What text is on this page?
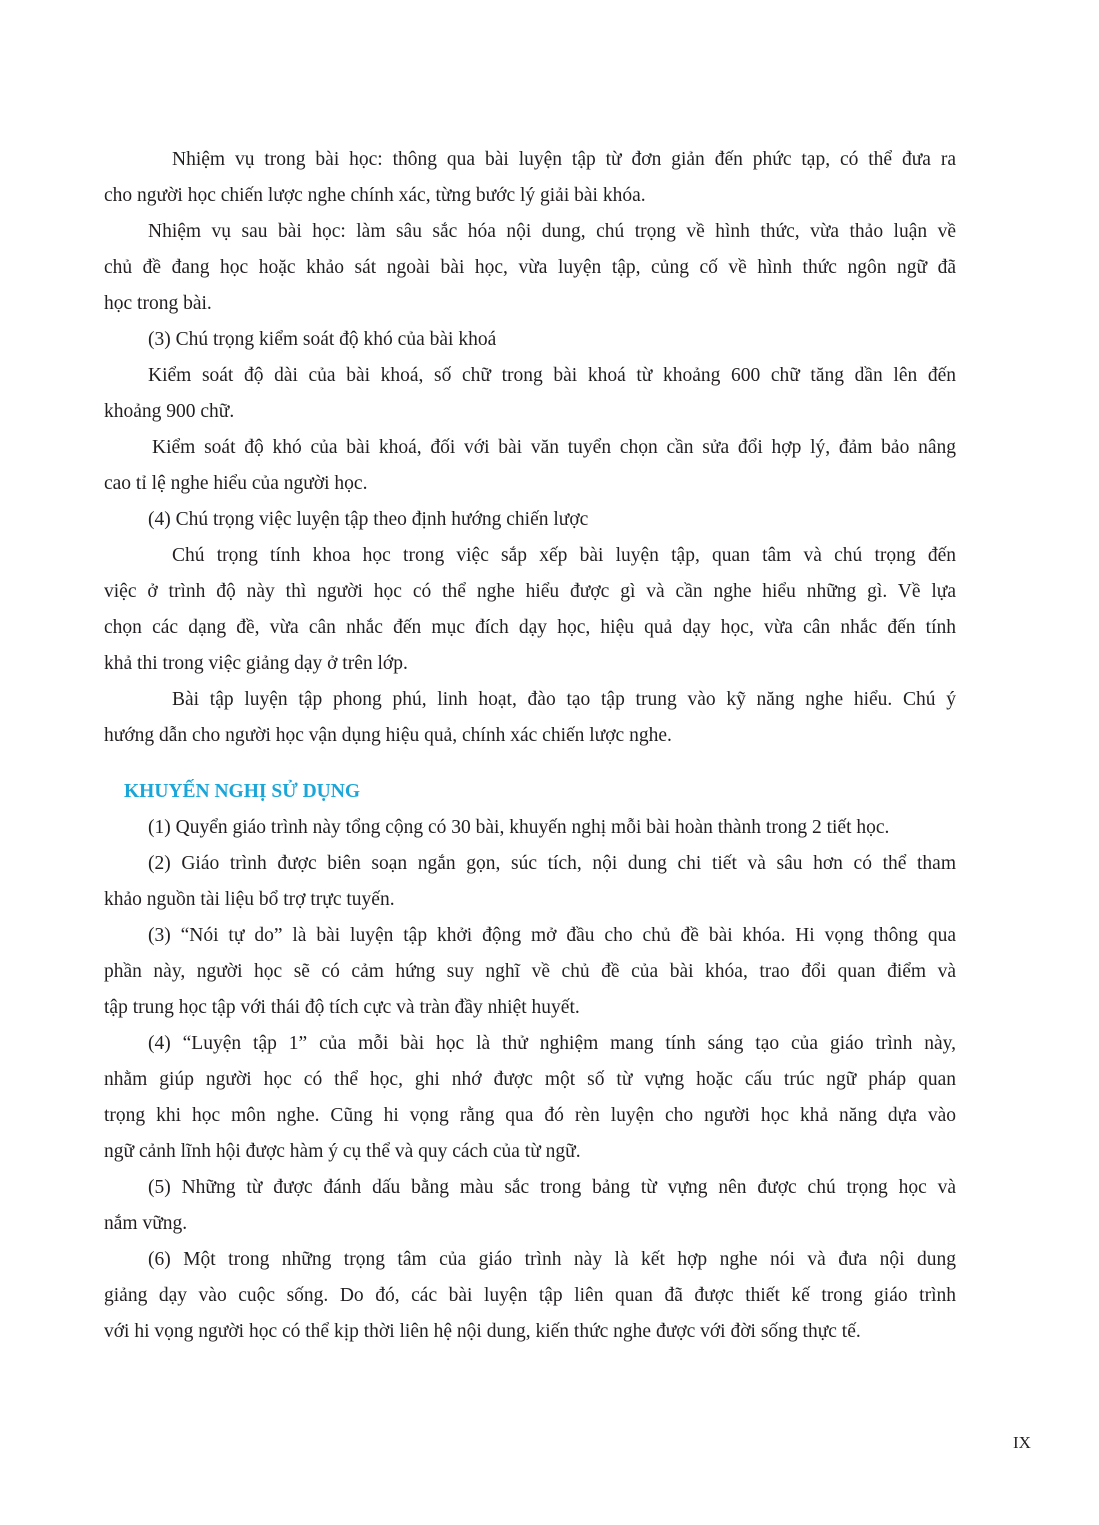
Nhiệm vụ trong bài học: thông qua bài luyện tập từ đơn giản đến phức tạp, có thể đưa ra
cho người học chiến lược nghe chính xác, từng bước lý giải bài khóa.
Nhiệm vụ sau bài học: làm sâu sắc hóa nội dung, chú trọng về hình thức, vừa thảo luận về
chủ đề đang học hoặc khảo sát ngoài bài học, vừa luyện tập, củng cố về hình thức ngôn ngữ đã
học trong bài.
(3) Chú trọng kiểm soát độ khó của bài khoá
Kiểm soát độ dài của bài khoá, số chữ trong bài khoá từ khoảng 600 chữ tăng dần lên đến
khoảng 900 chữ.
Kiểm soát độ khó của bài khoá, đối với bài văn tuyển chọn cần sửa đổi hợp lý, đảm bảo nâng
cao tỉ lệ nghe hiểu của người học.
(4) Chú trọng việc luyện tập theo định hướng chiến lược
Chú trọng tính khoa học trong việc sắp xếp bài luyện tập, quan tâm và chú trọng đến
việc ở trình độ này thì người học có thể nghe hiểu được gì và cần nghe hiểu những gì. Về lựa
chọn các dạng đề, vừa cân nhắc đến mục đích dạy học, hiệu quả dạy học, vừa cân nhắc đến tính
khả thi trong việc giảng dạy ở trên lớp.
Bài tập luyện tập phong phú, linh hoạt, đào tạo tập trung vào kỹ năng nghe hiểu. Chú ý
hướng dẫn cho người học vận dụng hiệu quả, chính xác chiến lược nghe.
KHUYẾN NGHỊ SỬ DỤNG
(1) Quyển giáo trình này tổng cộng có 30 bài, khuyến nghị mỗi bài hoàn thành trong 2 tiết học.
(2) Giáo trình được biên soạn ngắn gọn, súc tích, nội dung chi tiết và sâu hơn có thể tham
khảo nguồn tài liệu bổ trợ trực tuyến.
(3) “Nói tự do” là bài luyện tập khởi động mở đầu cho chủ đề bài khóa. Hi vọng thông qua
phần này, người học sẽ có cảm hứng suy nghĩ về chủ đề của bài khóa, trao đổi quan điểm và
tập trung học tập với thái độ tích cực và tràn đầy nhiệt huyết.
(4) “Luyện tập 1” của mỗi bài học là thử nghiệm mang tính sáng tạo của giáo trình này,
nhằm giúp người học có thể học, ghi nhớ được một số từ vựng hoặc cấu trúc ngữ pháp quan
trọng khi học môn nghe. Cũng hi vọng rằng qua đó rèn luyện cho người học khả năng dựa vào
ngữ cảnh lĩnh hội được hàm ý cụ thể và quy cách của từ ngữ.
(5) Những từ được đánh dấu bằng màu sắc trong bảng từ vựng nên được chú trọng học và
nắm vững.
(6) Một trong những trọng tâm của giáo trình này là kết hợp nghe nói và đưa nội dung
giảng dạy vào cuộc sống. Do đó, các bài luyện tập liên quan đã được thiết kế trong giáo trình
với hi vọng người học có thể kịp thời liên hệ nội dung, kiến thức nghe được với đời sống thực tế.
IX
